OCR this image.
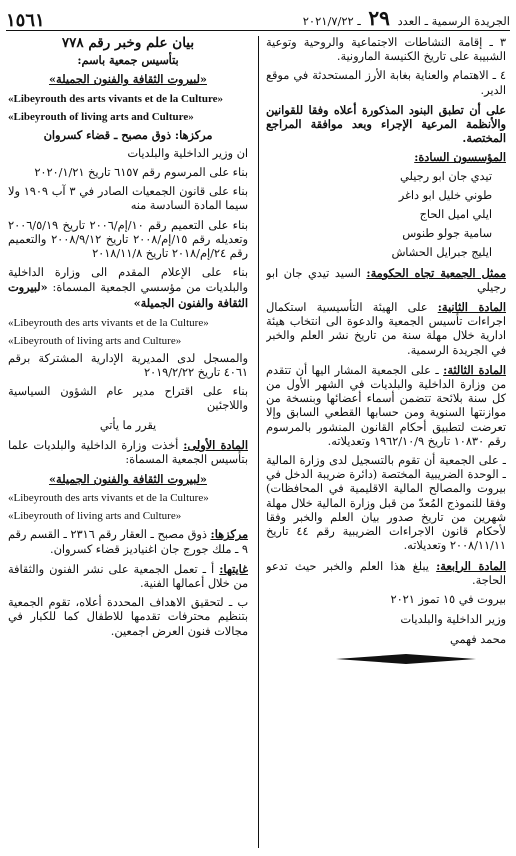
الجريدة الرسمية ـ العدد ٢٩ ـ ٢٠٢١/٧/٢٢
١٥٦١

٣ ـ إقامة النشاطات الاجتماعية والروحية وتوعية الشبيبة على تاريخ الكنيسة المارونية.

٤ ـ الاهتمام والعناية بغابة الأرز المستحدثة في موقع الدير.

على أن تطبق البنود المذكورة أعلاه وفقا للقوانين والأنظمة المرعية الإجراء وبعد موافقة المراجع المختصة.

المؤسسون السادة:

تيدي جان ابو رجيلي

طوني خليل ابو داغر

ايلي اميل الحاج

سامية جولو طنوس

ايليج جبرايل الحشاش

ممثل الجمعية تجاه الحكومة: السيد تيدي جان ابو رجيلي

المادة الثانية: على الهيئة التأسيسية استكمال اجراءات تأسيس الجمعية والدعوة الى انتخاب هيئة ادارية خلال مهلة سنة من تاريخ نشر العلم والخبر في الجريدة الرسمية.

المادة الثالثة: ـ على الجمعية المشار اليها أن تتقدم من وزارة الداخلية والبلديات في الشهر الأول من كل سنة بلائحة تتضمن أسماء أعضائها وبنسخة من موازنتها السنوية ومن حسابها القطعي السابق وإلا تعرضت لتطبيق أحكام القانون المنشور بالمرسوم رقم ١٠٨٣٠ تاريخ ١٩٦٢/١٠/٩ وتعديلاته.

ـ على الجمعية أن تقوم بالتسجيل لدى وزارة المالية ـ الوحدة الضريبية المختصة (دائرة ضريبة الدخل في بيروت والمصالح المالية الاقليمية في المحافظات) وفقا للنموذج المُعدّ من قبل وزارة المالية خلال مهلة شهرين من تاريخ صدور بيان العلم والخبر وفقا لأحكام قانون الاجراءات الضريبية رقم ٤٤ تاريخ ٢٠٠٨/١١/١١ وتعديلاته.

المادة الرابعة: يبلغ هذا العلم والخبر حيث تدعو الحاجة.

بيروت في ١٥ تموز ٢٠٢١

وزير الداخلية والبلديات

محمد فهمي

بيان علم وخبر رقم ٧٧٨

بتأسيس جمعية باسم:

«لبيروت الثقافة والفنون الجميلة»

«Libeyrouth des arts vivants et de la Culture»

«Libeyrouth of living arts and Culture»

مركزها: ذوق مصبح ـ قضاء كسروان

ان وزير الداخلية والبلديات

بناء على المرسوم رقم ٦١٥٧ تاريخ ٢٠٢٠/١/٢١

بناء على قانون الجمعيات الصادر في ٣ آب ١٩٠٩ ولا سيما المادة السادسة منه

بناء على التعميم رقم ١٠/إم/٢٠٠٦ تاريخ ٢٠٠٦/٥/١٩ وتعديله رقم ١٥/إم/٢٠٠٨ تاريخ ٢٠٠٨/٩/١٢ والتعميم رقم ٢٤/إم/٢٠١٨ تاريخ ٢٠١٨/١١/٨

بناء على الإعلام المقدم الى وزارة الداخلية والبلديات من مؤسسي الجمعية المسماة: «لبيروت الثقافة والفنون الجميلة»

«Libeyrouth des arts vivants et de la Culture»

«Libeyrouth of living arts and Culture»

والمسجل لدى المديرية الإدارية المشتركة برقم ٤٠٦١ تاريخ ٢٠١٩/٢/٢٢

بناء على اقتراح مدير عام الشؤون السياسية واللاجئين

يقرر ما يأتي

المادة الأولى: أخذت وزارة الداخلية والبلديات علما بتأسيس الجمعية المسماة:

«لبيروت الثقافة والفنون الجميلة»

«Libeyrouth des arts vivants et de la Culture»

«Libeyrouth of living arts and Culture»

مركزها: ذوق مصبح ـ العقار رقم ٢٣١٦ ـ القسم رقم ٩ ـ ملك جورج جان اغنياديز قضاء كسروان.

غايتها: أ ـ تعمل الجمعية على نشر الفنون والثقافة من خلال أعمالها الفنية.

ب ـ لتحقيق الاهداف المحددة أعلاه، تقوم الجمعية بتنظيم محترفات تقدمها للاطفال كما للكبار في مجالات فنون العرض اجمعين.
